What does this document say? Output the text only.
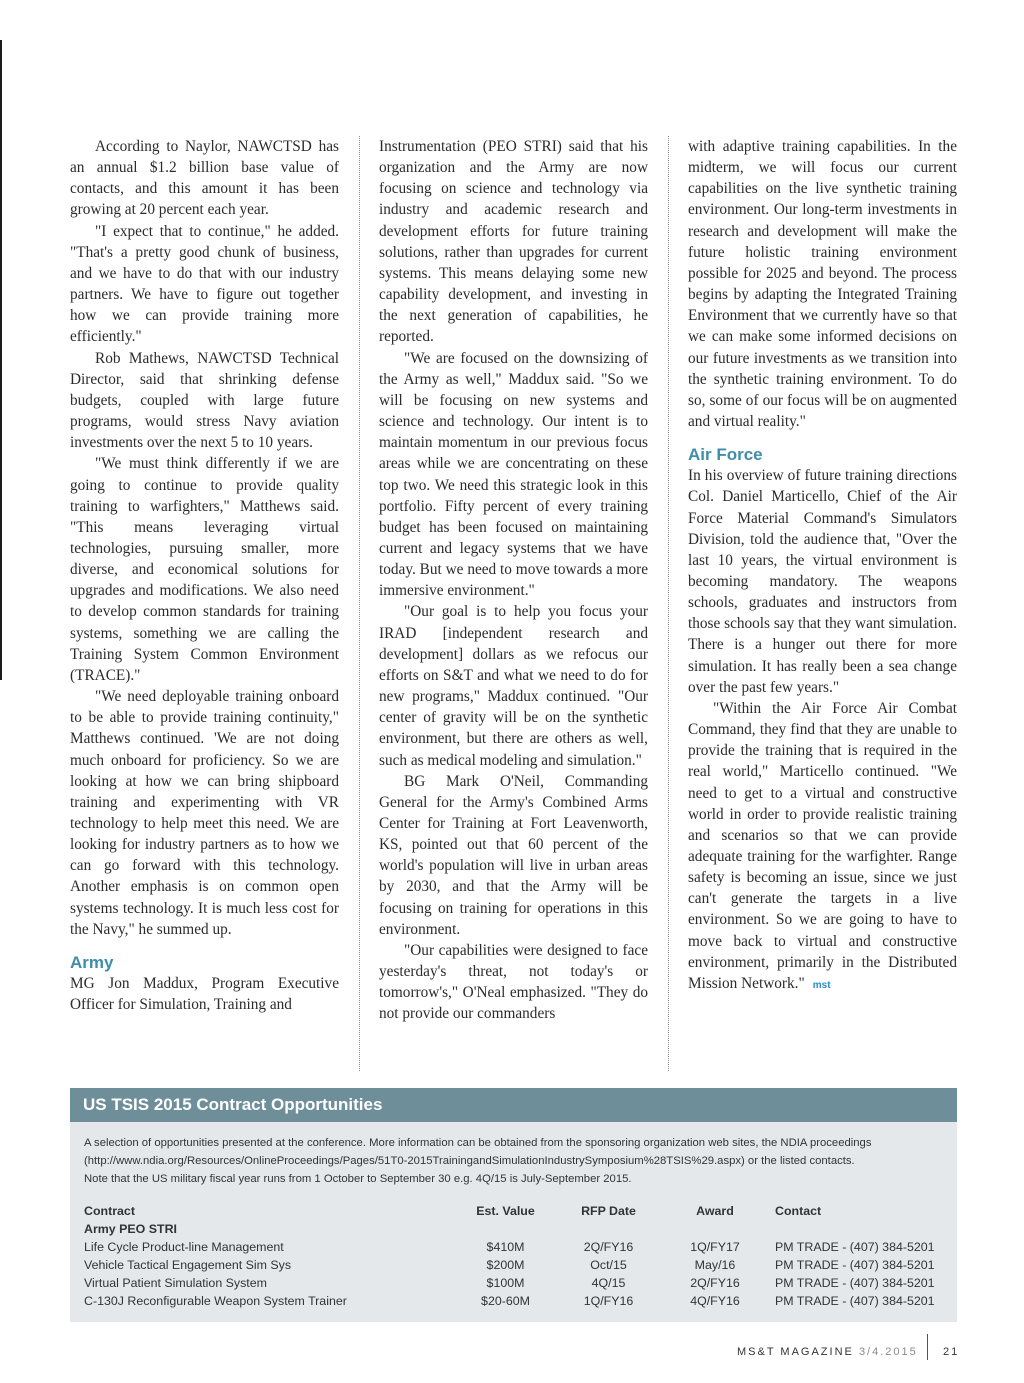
According to Naylor, NAWCTSD has an annual $1.2 billion base value of contacts, and this amount it has been growing at 20 percent each year.

"I expect that to continue," he added. "That's a pretty good chunk of business, and we have to do that with our industry partners. We have to figure out together how we can provide training more efficiently."

Rob Mathews, NAWCTSD Technical Director, said that shrinking defense budgets, coupled with large future programs, would stress Navy aviation investments over the next 5 to 10 years.

"We must think differently if we are going to continue to provide quality training to warfighters," Matthews said. "This means leveraging virtual technologies, pursuing smaller, more diverse, and economical solutions for upgrades and modifications. We also need to develop common standards for training systems, something we are calling the Training System Common Environment (TRACE)."

"We need deployable training onboard to be able to provide training continuity," Matthews continued. 'We are not doing much onboard for proficiency. So we are looking at how we can bring shipboard training and experimenting with VR technology to help meet this need. We are looking for industry partners as to how we can go forward with this technology. Another emphasis is on common open systems technology. It is much less cost for the Navy," he summed up.

Army

MG Jon Maddux, Program Executive Officer for Simulation, Training and

Instrumentation (PEO STRI) said that his organization and the Army are now focusing on science and technology via industry and academic research and development efforts for future training solutions, rather than upgrades for current systems. This means delaying some new capability development, and investing in the next generation of capabilities, he reported.

"We are focused on the downsizing of the Army as well," Maddux said. "So we will be focusing on new systems and science and technology. Our intent is to maintain momentum in our previous focus areas while we are concentrating on these top two. We need this strategic look in this portfolio. Fifty percent of every training budget has been focused on maintaining current and legacy systems that we have today. But we need to move towards a more immersive environment."

"Our goal is to help you focus your IRAD [independent research and development] dollars as we refocus our efforts on S&T and what we need to do for new programs," Maddux continued. "Our center of gravity will be on the synthetic environment, but there are others as well, such as medical modeling and simulation."

BG Mark O'Neil, Commanding General for the Army's Combined Arms Center for Training at Fort Leavenworth, KS, pointed out that 60 percent of the world's population will live in urban areas by 2030, and that the Army will be focusing on training for operations in this environment.

"Our capabilities were designed to face yesterday's threat, not today's or tomorrow's," O'Neal emphasized. "They do not provide our commanders

with adaptive training capabilities. In the midterm, we will focus our current capabilities on the live synthetic training environment. Our long-term investments in research and development will make the future holistic training environment possible for 2025 and beyond. The process begins by adapting the Integrated Training Environment that we currently have so that we can make some informed decisions on our future investments as we transition into the synthetic training environment. To do so, some of our focus will be on augmented and virtual reality."

Air Force

In his overview of future training directions Col. Daniel Marticello, Chief of the Air Force Material Command's Simulators Division, told the audience that, "Over the last 10 years, the virtual environment is becoming mandatory. The weapons schools, graduates and instructors from those schools say that they want simulation. There is a hunger out there for more simulation. It has really been a sea change over the past few years."

"Within the Air Force Air Combat Command, they find that they are unable to provide the training that is required in the real world," Marticello continued. "We need to get to a virtual and constructive world in order to provide realistic training and scenarios so that we can provide adequate training for the warfighter. Range safety is becoming an issue, since we just can't generate the targets in a live environment. So we are going to have to move back to virtual and constructive environment, primarily in the Distributed Mission Network." mst

US TSIS 2015 Contract Opportunities
A selection of opportunities presented at the conference. More information can be obtained from the sponsoring organization web sites, the NDIA proceedings
(http://www.ndia.org/Resources/OnlineProceedings/Pages/51T0-2015TrainingandSimulationIndustrySymposium%28TSIS%29.aspx) or the listed contacts.
Note that the US military fiscal year runs from 1 October to September 30 e.g. 4Q/15 is July-September 2015.
Contract	Est. Value	RFP Date	Award	Contact
Army PEO STRI				
Life Cycle Product-line Management	$410M	2Q/FY16	1Q/FY17	PM TRADE - (407) 384-5201
Vehicle Tactical Engagement Sim Sys	$200M	Oct/15	May/16	PM TRADE - (407) 384-5201
Virtual Patient Simulation System	$100M	4Q/15	2Q/FY16	PM TRADE - (407) 384-5201
C-130J Reconfigurable Weapon System Trainer	$20-60M	1Q/FY16	4Q/FY16	PM TRADE - (407) 384-5201
MS&T MAGAZINE 3/4.2015 21
